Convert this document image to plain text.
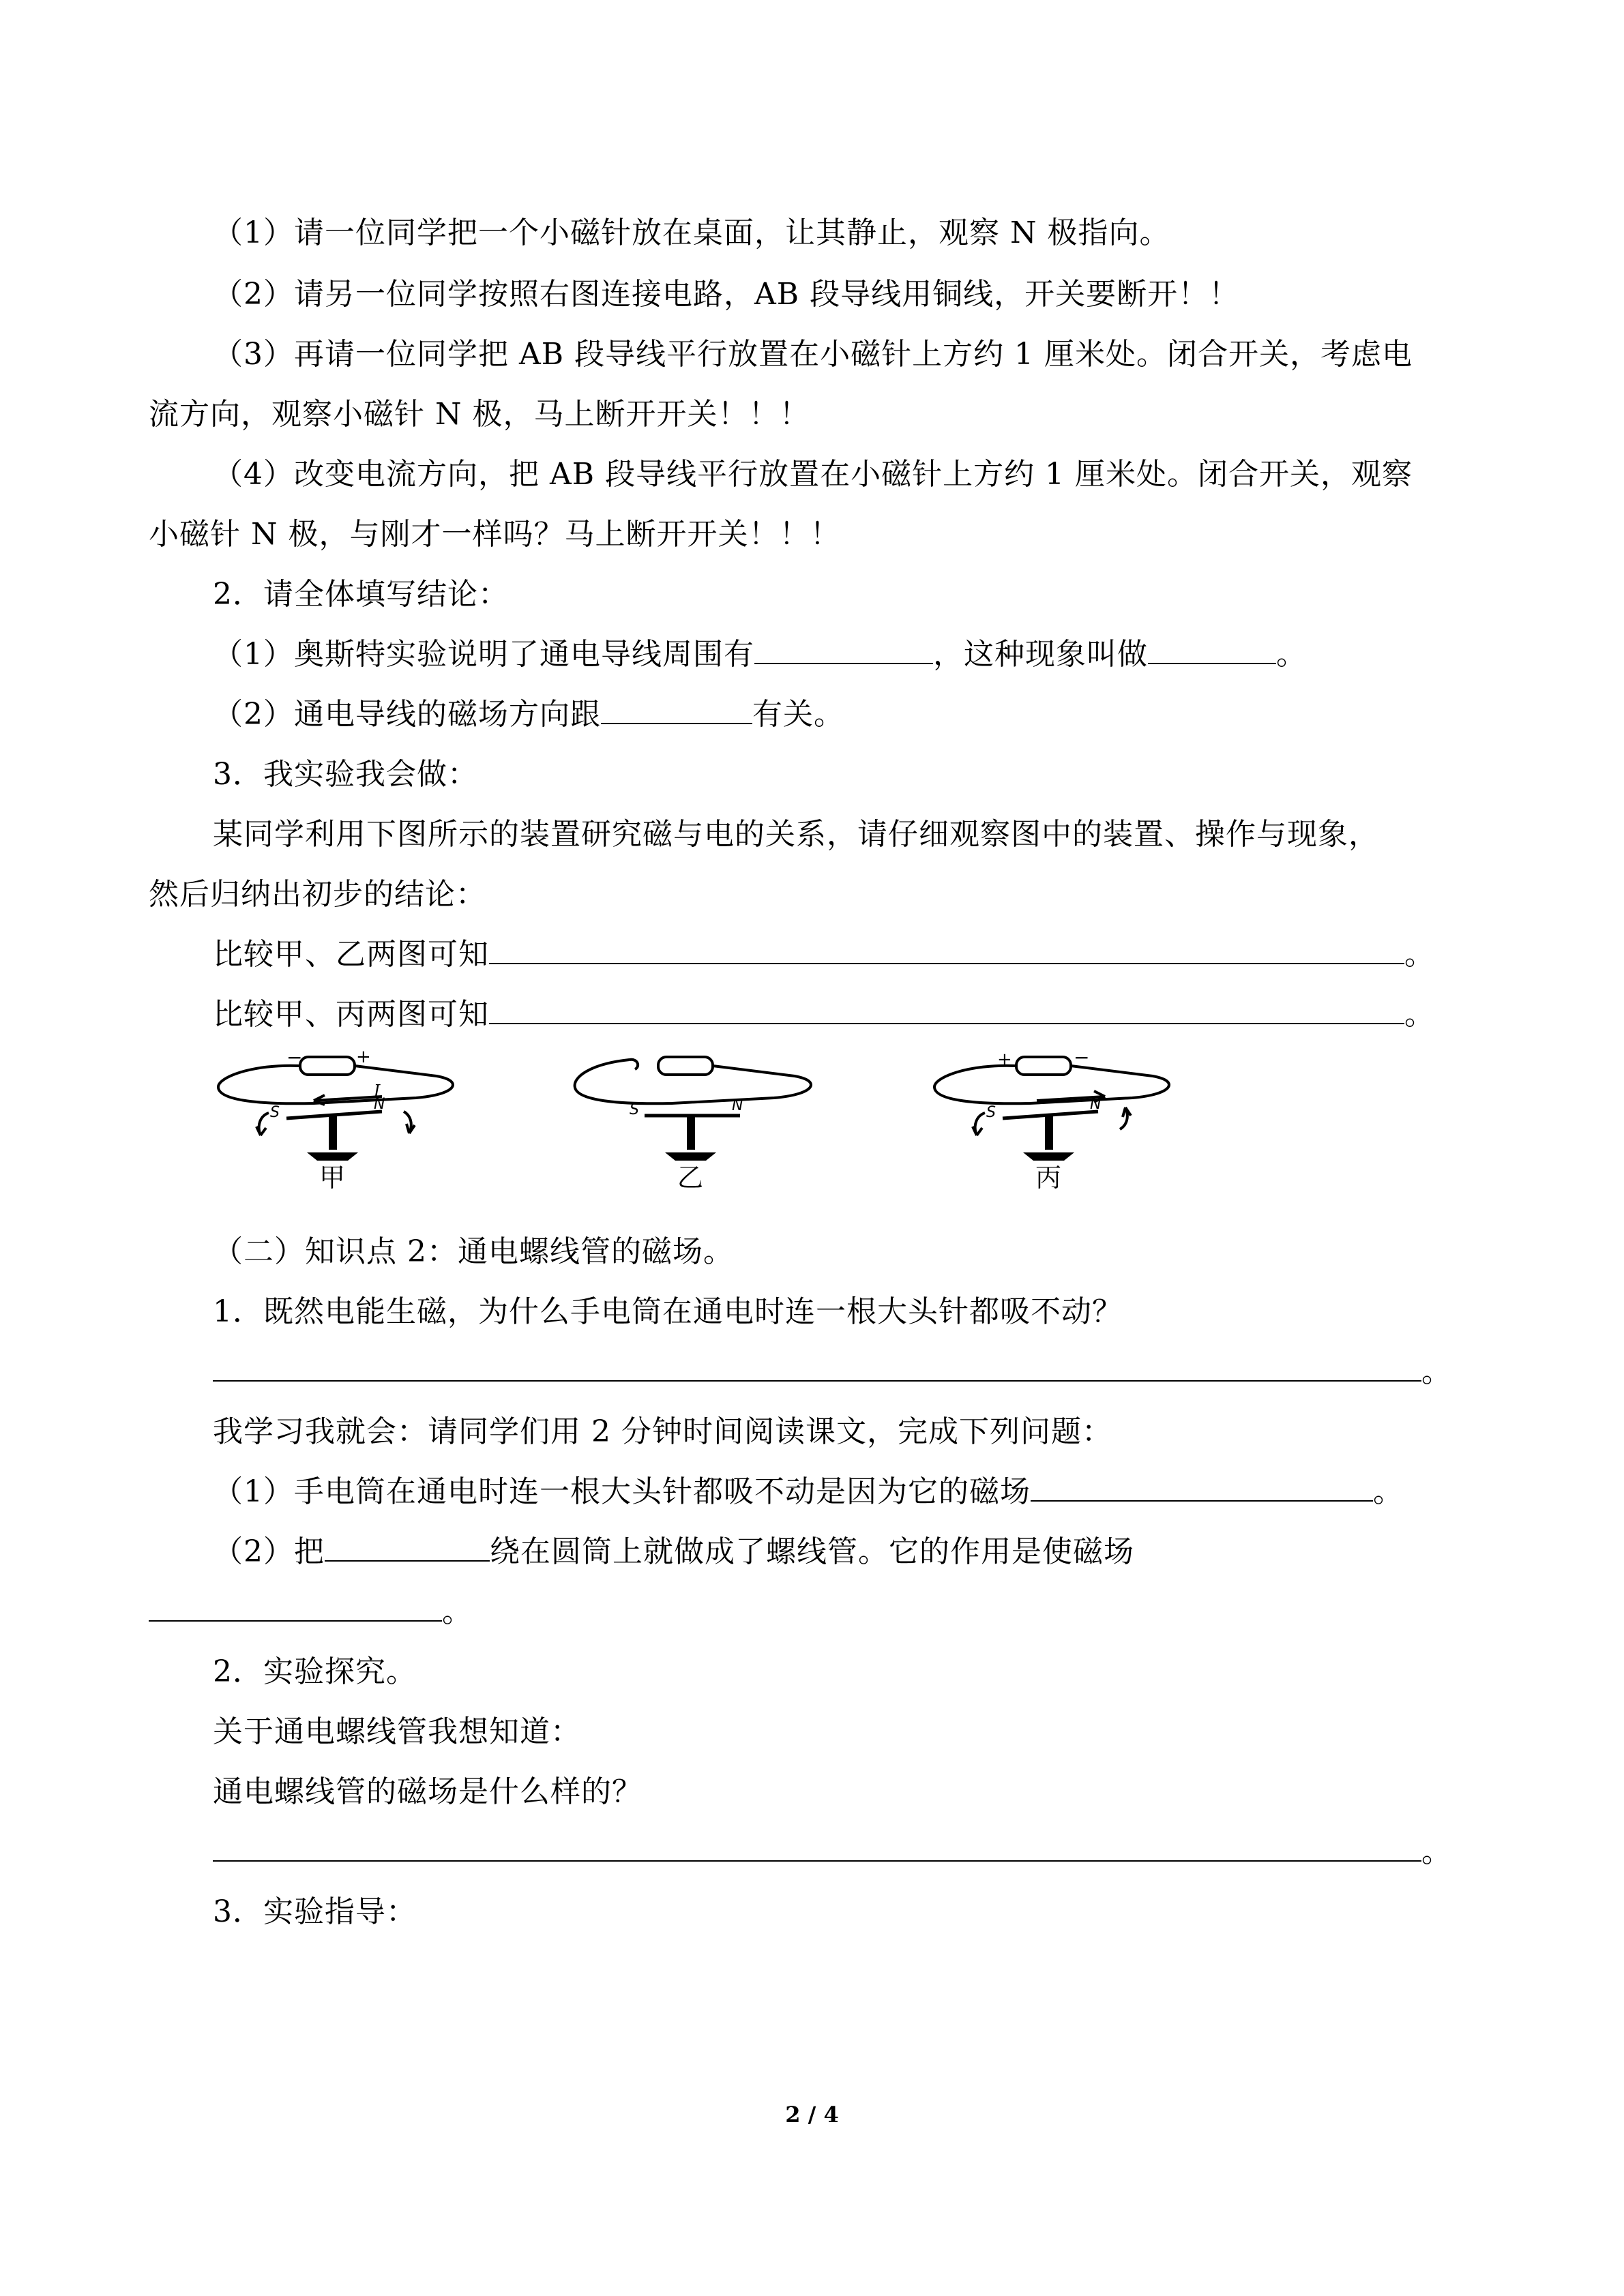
（1）请一位同学把一个小磁针放在桌面，让其静止，观察 N 极指向。
（2）请另一位同学按照右图连接电路，AB 段导线用铜线，开关要断开！！
（3）再请一位同学把 AB 段导线平行放置在小磁针上方约 1 厘米处。闭合开关，考虑电
流方向，观察小磁针 N 极，马上断开开关！！！
（4）改变电流方向，把 AB 段导线平行放置在小磁针上方约 1 厘米处。闭合开关，观察
小磁针 N 极，与刚才一样吗？马上断开开关！！！
2．请全体填写结论：
（1）奥斯特实验说明了通电导线周围有	，这种现象叫做	。
（2）通电导线的磁场方向跟	有关。
3．我实验我会做：
某同学利用下图所示的装置研究磁与电的关系，请仔细观察图中的装置、操作与现象，
然后归纳出初步的结论：
比较甲、乙两图可知	。
比较甲、丙两图可知	。
−	+
I
S	N
甲
S	N
乙
+	−
S	N
丙
（二）知识点 2：通电螺线管的磁场。
1．既然电能生磁，为什么手电筒在通电时连一根大头针都吸不动？
。
我学习我就会：请同学们用 2 分钟时间阅读课文，完成下列问题：
（1）手电筒在通电时连一根大头针都吸不动是因为它的磁场	。
（2）把	绕在圆筒上就做成了螺线管。它的作用是使磁场
。
2．实验探究。
关于通电螺线管我想知道：
通电螺线管的磁场是什么样的？
。
3．实验指导：
2 / 4
